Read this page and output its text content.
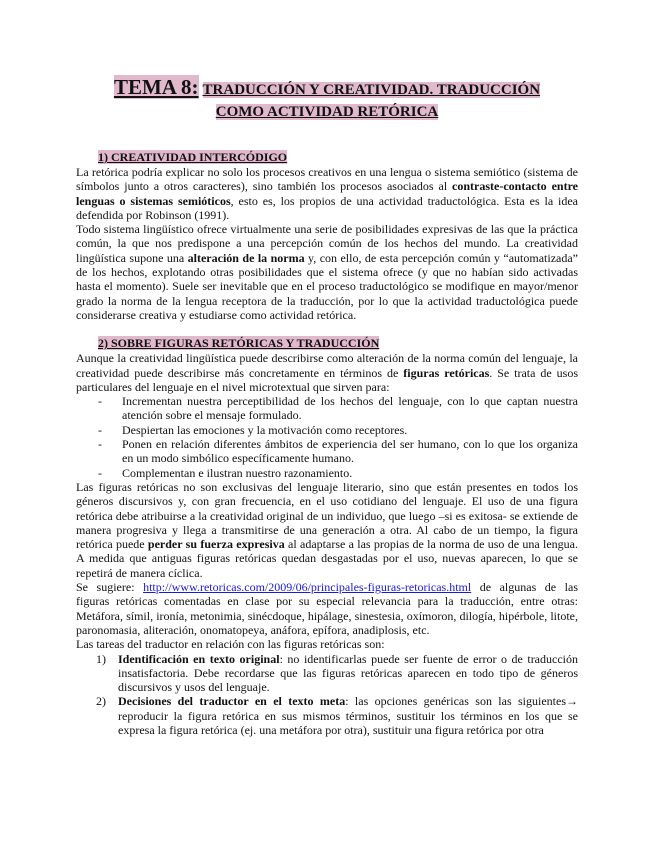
TEMA 8: TRADUCCIÓN Y CREATIVIDAD. TRADUCCIÓN
COMO ACTIVIDAD RETÓRICA
1) CREATIVIDAD INTERCÓDIGO

La retórica podría explicar no solo los procesos creativos en una lengua o sistema semiótico (sistema de símbolos junto a otros caracteres), sino también los procesos asociados al contraste-contacto entre lenguas o sistemas semióticos, esto es, los propios de una actividad traductológica. Esta es la idea defendida por Robinson (1991).

Todo sistema lingüístico ofrece virtualmente una serie de posibilidades expresivas de las que la práctica común, la que nos predispone a una percepción común de los hechos del mundo. La creatividad lingüística supone una alteración de la norma y, con ello, de esta percepción común y “automatizada” de los hechos, explotando otras posibilidades que el sistema ofrece (y que no habían sido activadas hasta el momento). Suele ser inevitable que en el proceso traductológico se modifique en mayor/menor grado la norma de la lengua receptora de la traducción, por lo que la actividad traductológica puede considerarse creativa y estudiarse como actividad retórica.

2) SOBRE FIGURAS RETÓRICAS Y TRADUCCIÓN

Aunque la creatividad lingüística puede describirse como alteración de la norma común del lenguaje, la creatividad puede describirse más concretamente en términos de figuras retóricas. Se trata de usos particulares del lenguaje en el nivel microtextual que sirven para:

- Incrementan nuestra perceptibilidad de los hechos del lenguaje, con lo que captan nuestra atención sobre el mensaje formulado.
- Despiertan las emociones y la motivación como receptores.
- Ponen en relación diferentes ámbitos de experiencia del ser humano, con lo que los organiza en un modo simbólico específicamente humano.
- Complementan e ilustran nuestro razonamiento.

Las figuras retóricas no son exclusivas del lenguaje literario, sino que están presentes en todos los géneros discursivos y, con gran frecuencia, en el uso cotidiano del lenguaje. El uso de una figura retórica debe atribuirse a la creatividad original de un individuo, que luego –si es exitosa- se extiende de manera progresiva y llega a transmitirse de una generación a otra. Al cabo de un tiempo, la figura retórica puede perder su fuerza expresiva al adaptarse a las propias de la norma de uso de una lengua. A medida que antiguas figuras retóricas quedan desgastadas por el uso, nuevas aparecen, lo que se repetirá de manera cíclica.

Se sugiere: http://www.retoricas.com/2009/06/principales-figuras-retoricas.html de algunas de las figuras retóricas comentadas en clase por su especial relevancia para la traducción, entre otras: Metáfora, símil, ironía, metonimia, sinécdoque, hipálage, sinestesia, oxímoron, dilogía, hipérbole, litote, paronomasia, aliteración, onomatopeya, anáfora, epífora, anadiplosis, etc.

Las tareas del traductor en relación con las figuras retóricas son:

1) Identificación en texto original: no identificarlas puede ser fuente de error o de traducción insatisfactoria. Debe recordarse que las figuras retóricas aparecen en todo tipo de géneros discursivos y usos del lenguaje.
2) Decisiones del traductor en el texto meta: las opciones genéricas son las siguientes→ reproducir la figura retórica en sus mismos términos, sustituir los términos en los que se expresa la figura retórica (ej. una metáfora por otra), sustituir una figura retórica por otra
